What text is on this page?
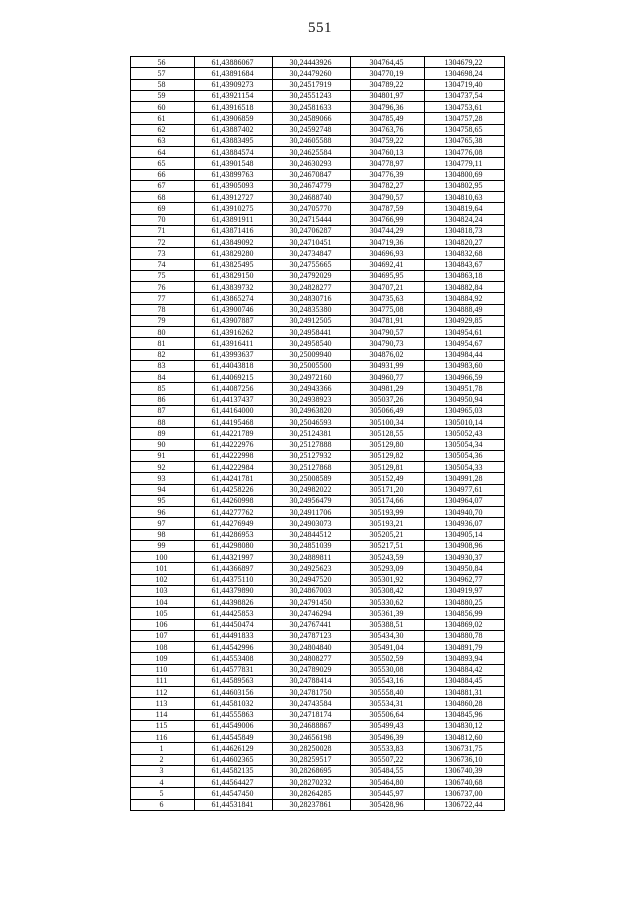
551
56	61,43886067	30,24443926	304764,45	1304679,22
57	61,43891684	30,24479260	304770,19	1304698,24
58	61,43909273	30,24517919	304789,22	1304719,40
59	61,43921154	30,24551243	304801,97	1304737,54
60	61,43916518	30,24581633	304796,36	1304753,61
61	61,43906859	30,24589066	304785,49	1304757,28
62	61,43887402	30,24592748	304763,76	1304758,65
63	61,43883495	30,24605588	304759,22	1304765,38
64	61,43884574	30,24625584	304760,13	1304776,08
65	61,43901548	30,24630293	304778,97	1304779,11
66	61,43899763	30,24670847	304776,39	1304800,69
67	61,43905093	30,24674779	304782,27	1304802,95
68	61,43912727	30,24688740	304790,57	1304810,63
69	61,43910275	30,24705770	304787,59	1304819,64
70	61,43891911	30,24715444	304766,99	1304824,24
71	61,43871416	30,24706287	304744,29	1304818,73
72	61,43849092	30,24710451	304719,36	1304820,27
73	61,43829280	30,24734847	304696,93	1304832,68
74	61,43825495	30,24755665	304692,41	1304843,67
75	61,43829150	30,24792029	304695,95	1304863,18
76	61,43839732	30,24828277	304707,21	1304882,84
77	61,43865274	30,24830716	304735,63	1304884,92
78	61,43900746	30,24835380	304775,08	1304888,49
79	61,43907887	30,24912505	304781,91	1304929,85
80	61,43916262	30,24958441	304790,57	1304954,61
81	61,43916411	30,24958540	304790,73	1304954,67
82	61,43993637	30,25009940	304876,02	1304984,44
83	61,44043818	30,25005500	304931,99	1304983,60
84	61,44069215	30,24972160	304960,77	1304966,59
85	61,44087256	30,24943366	304981,29	1304951,78
86	61,44137437	30,24938923	305037,26	1304950,94
87	61,44164000	30,24963820	305066,49	1304965,03
88	61,44195468	30,25046593	305100,34	1305010,14
89	61,44221789	30,25124381	305128,55	1305052,43
90	61,44222976	30,25127888	305129,80	1305054,34
91	61,44222998	30,25127932	305129,82	1305054,36
92	61,44222984	30,25127868	305129,81	1305054,33
93	61,44241781	30,25008589	305152,49	1304991,28
94	61,44258226	30,24982022	305171,20	1304977,61
95	61,44260998	30,24956479	305174,66	1304964,07
96	61,44277762	30,24911706	305193,99	1304940,70
97	61,44276949	30,24903073	305193,21	1304936,07
98	61,44286953	30,24844512	305205,21	1304905,14
99	61,44298080	30,24851039	305217,51	1304908,96
100	61,44321997	30,24889811	305243,59	1304930,37
101	61,44366897	30,24925623	305293,09	1304950,84
102	61,44375110	30,24947520	305301,92	1304962,77
103	61,44379890	30,24867003	305308,42	1304919,97
104	61,44398826	30,24791450	305330,62	1304880,25
105	61,44425853	30,24746294	305361,39	1304856,99
106	61,44450474	30,24767441	305388,51	1304869,02
107	61,44491833	30,24787123	305434,30	1304880,78
108	61,44542996	30,24804840	305491,04	1304891,79
109	61,44553408	30,24808277	305502,59	1304893,94
110	61,44577831	30,24789029	305530,08	1304884,42
111	61,44589563	30,24788414	305543,16	1304884,45
112	61,44603156	30,24781750	305558,40	1304881,31
113	61,44581032	30,24743584	305534,31	1304860,28
114	61,44555863	30,24718174	305506,64	1304845,96
115	61,44549006	30,24688867	305499,43	1304830,12
116	61,44545849	30,24656198	305496,39	1304812,60
1	61,44626129	30,28250028	305533,83	1306731,75
2	61,44602365	30,28259517	305507,22	1306736,10
3	61,44582135	30,28268695	305484,55	1306740,39
4	61,44564427	30,28270232	305464,80	1306740,68
5	61,44547450	30,28264285	305445,97	1306737,00
6	61,44531841	30,28237861	305428,96	1306722,44
